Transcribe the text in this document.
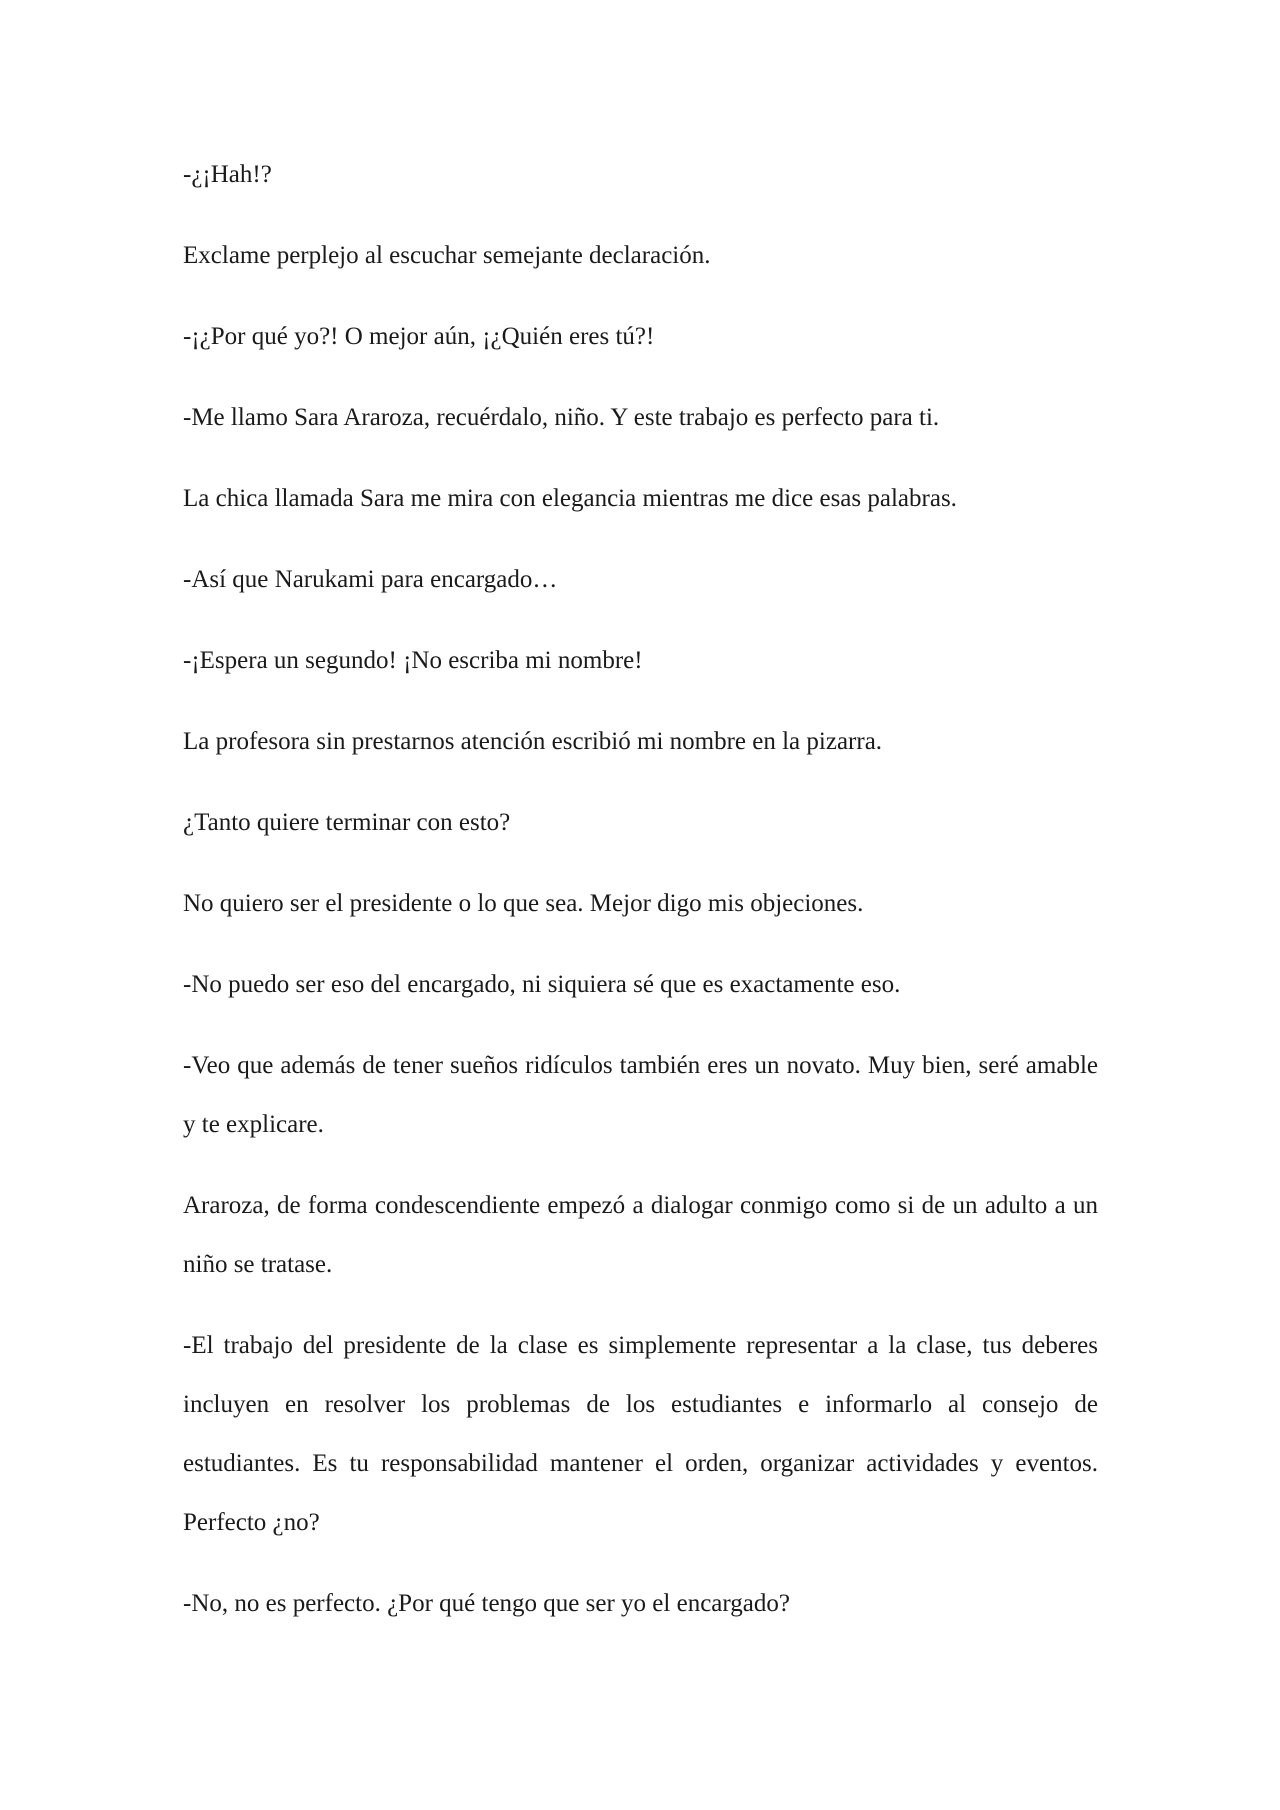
-¿¡Hah!?

Exclame perplejo al escuchar semejante declaración.

-¡¿Por qué yo?! O mejor aún, ¡¿Quién eres tú?!

-Me llamo Sara Araroza, recuérdalo, niño. Y este trabajo es perfecto para ti.

La chica llamada Sara me mira con elegancia mientras me dice esas palabras.

-Así que Narukami para encargado…

-¡Espera un segundo! ¡No escriba mi nombre!

La profesora sin prestarnos atención escribió mi nombre en la pizarra.

¿Tanto quiere terminar con esto?

No quiero ser el presidente o lo que sea. Mejor digo mis objeciones.

-No puedo ser eso del encargado, ni siquiera sé que es exactamente eso.

-Veo que además de tener sueños ridículos también eres un novato. Muy bien, seré amable y te explicare.

Araroza, de forma condescendiente empezó a dialogar conmigo como si de un adulto a un niño se tratase.

-El trabajo del presidente de la clase es simplemente representar a la clase, tus deberes incluyen en resolver los problemas de los estudiantes e informarlo al consejo de estudiantes. Es tu responsabilidad mantener el orden, organizar actividades y eventos. Perfecto ¿no?

-No, no es perfecto. ¿Por qué tengo que ser yo el encargado?
